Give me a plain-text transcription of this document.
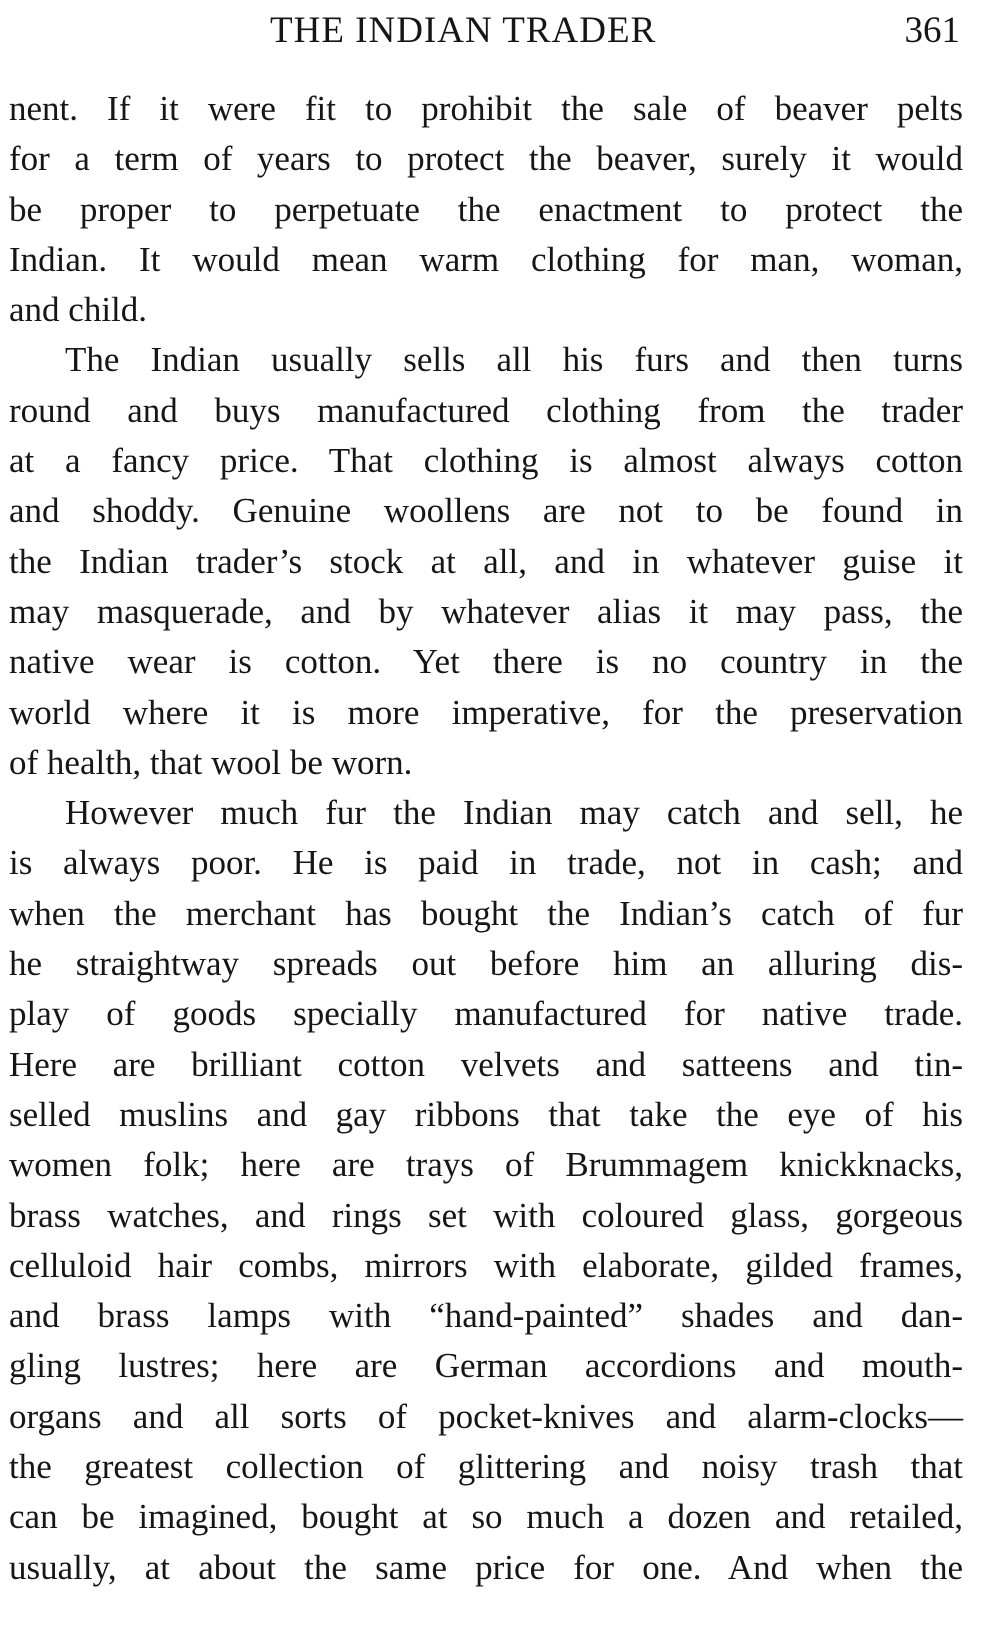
THE INDIAN TRADER	361
nent. If it were fit to prohibit the sale of beaver pelts
for a term of years to protect the beaver, surely it would
be proper to perpetuate the enactment to protect the
Indian. It would mean warm clothing for man, woman,
and child.
The Indian usually sells all his furs and then turns
round and buys manufactured clothing from the trader
at a fancy price. That clothing is almost always cotton
and shoddy. Genuine woollens are not to be found in
the Indian trader’s stock at all, and in whatever guise it
may masquerade, and by whatever alias it may pass, the
native wear is cotton. Yet there is no country in the
world where it is more imperative, for the preservation
of health, that wool be worn.
However much fur the Indian may catch and sell, he
is always poor. He is paid in trade, not in cash; and
when the merchant has bought the Indian’s catch of fur
he straightway spreads out before him an alluring dis-
play of goods specially manufactured for native trade.
Here are brilliant cotton velvets and satteens and tin-
selled muslins and gay ribbons that take the eye of his
women folk; here are trays of Brummagem knickknacks,
brass watches, and rings set with coloured glass, gorgeous
celluloid hair combs, mirrors with elaborate, gilded frames,
and brass lamps with “hand-painted” shades and dan-
gling lustres; here are German accordions and mouth-
organs and all sorts of pocket-knives and alarm-clocks—
the greatest collection of glittering and noisy trash that
can be imagined, bought at so much a dozen and retailed,
usually, at about the same price for one. And when the
